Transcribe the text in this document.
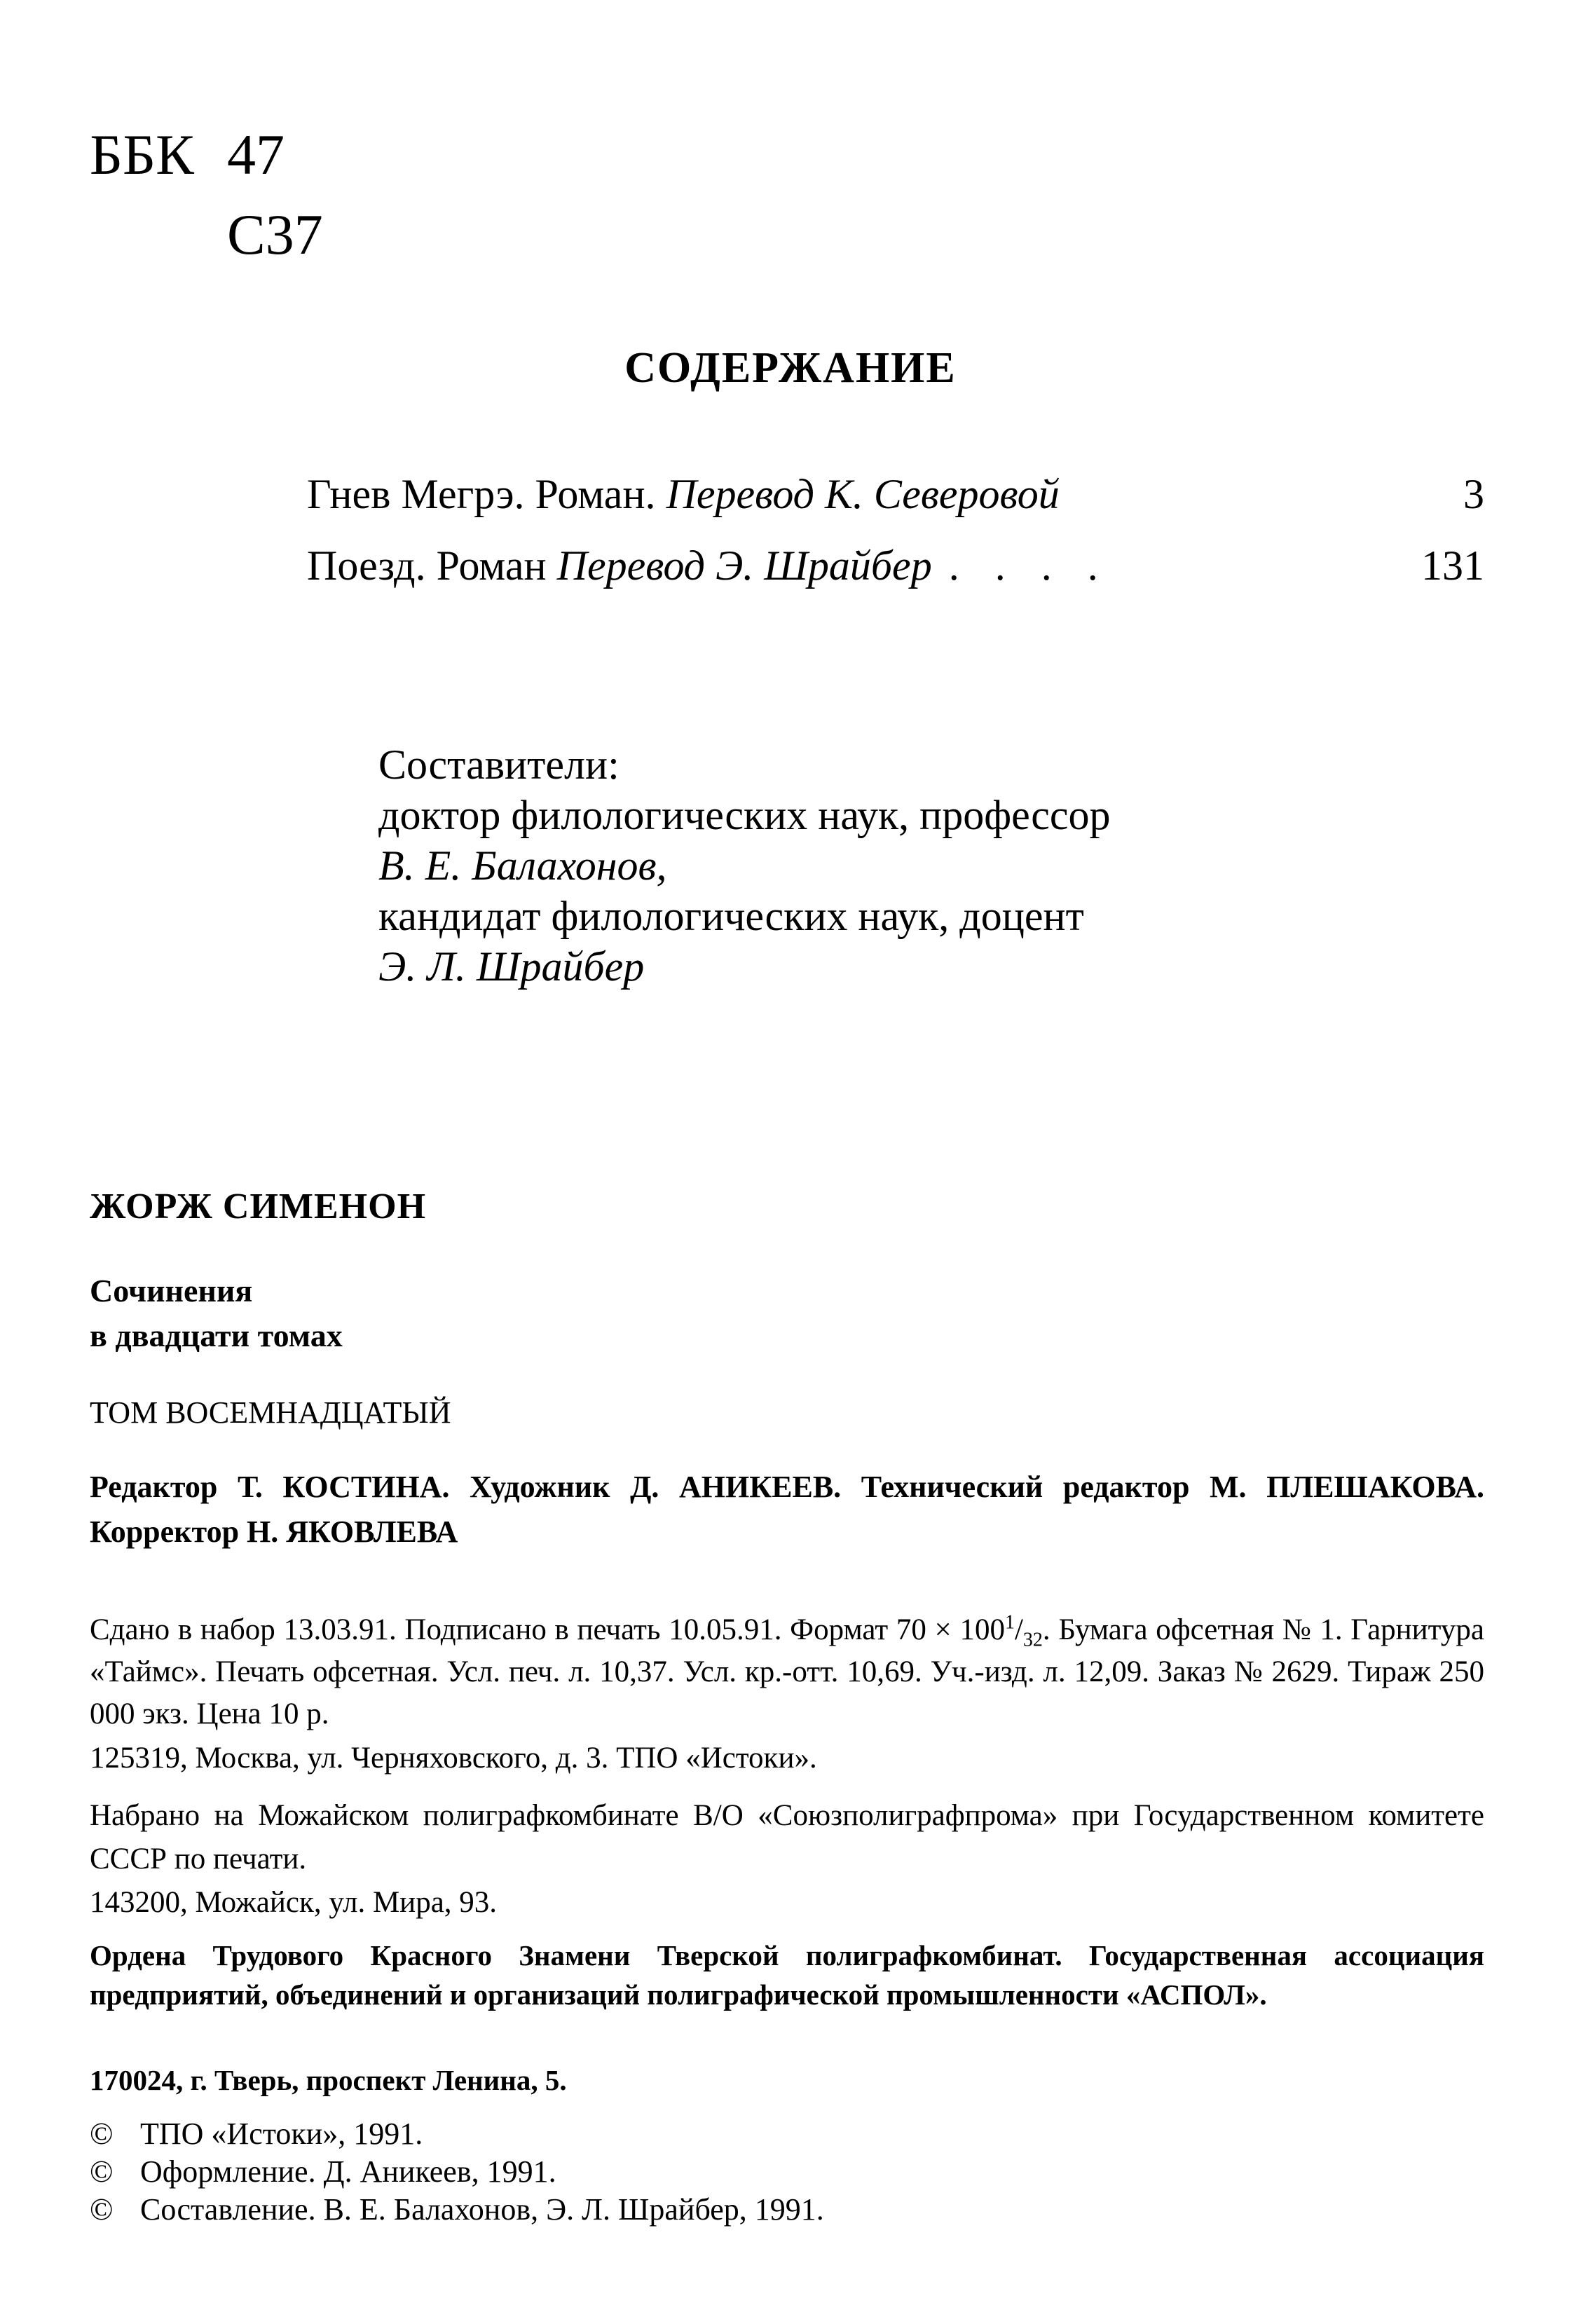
ББК 47
С37
СОДЕРЖАНИЕ
Гнев Мегрэ. Роман. Перевод К. Северовой	3
Поезд. Роман Перевод Э. Шрайбер . . . .	131
Составители:
доктор филологических наук, профессор
В. Е. Балахонов,
кандидат филологических наук, доцент
Э. Л. Шрайбер
ЖОРЖ СИМЕНОН
Сочинения
в двадцати томах
ТОМ ВОСЕМНАДЦАТЫЙ
Редактор Т. КОСТИНА. Художник Д. АНИКЕЕВ. Технический редактор М. ПЛЕШАКОВА. Корректор Н. ЯКОВЛЕВА
Сдано в набор 13.03.91. Подписано в печать 10.05.91. Формат $70 \times 100^1/_{32}$. Бумага офсетная № 1. Гарнитура «Таймс». Печать офсетная. Усл. печ. л. 10,37. Усл. кр.-отт. 10,69. Уч.-изд. л. 12,09. Заказ № 2629. Тираж 250 000 экз. Цена 10 р.
125319, Москва, ул. Черняховского, д. 3. ТПО «Истоки».
Набрано на Можайском полиграфкомбинате В/О «Союзполиграфпрома» при Государственном комитете СССР по печати.
143200, Можайск, ул. Мира, 93.
Ордена Трудового Красного Знамени Тверской полиграфкомбинат. Государственная ассоциация предприятий, объединений и организаций полиграфической промышленности «АСПОЛ».
170024, г. Тверь, проспект Ленина, 5.
© ТПО «Истоки», 1991.
© Оформление. Д. Аникеев, 1991.
© Составление. В. Е. Балахонов, Э. Л. Шрайбер, 1991.
